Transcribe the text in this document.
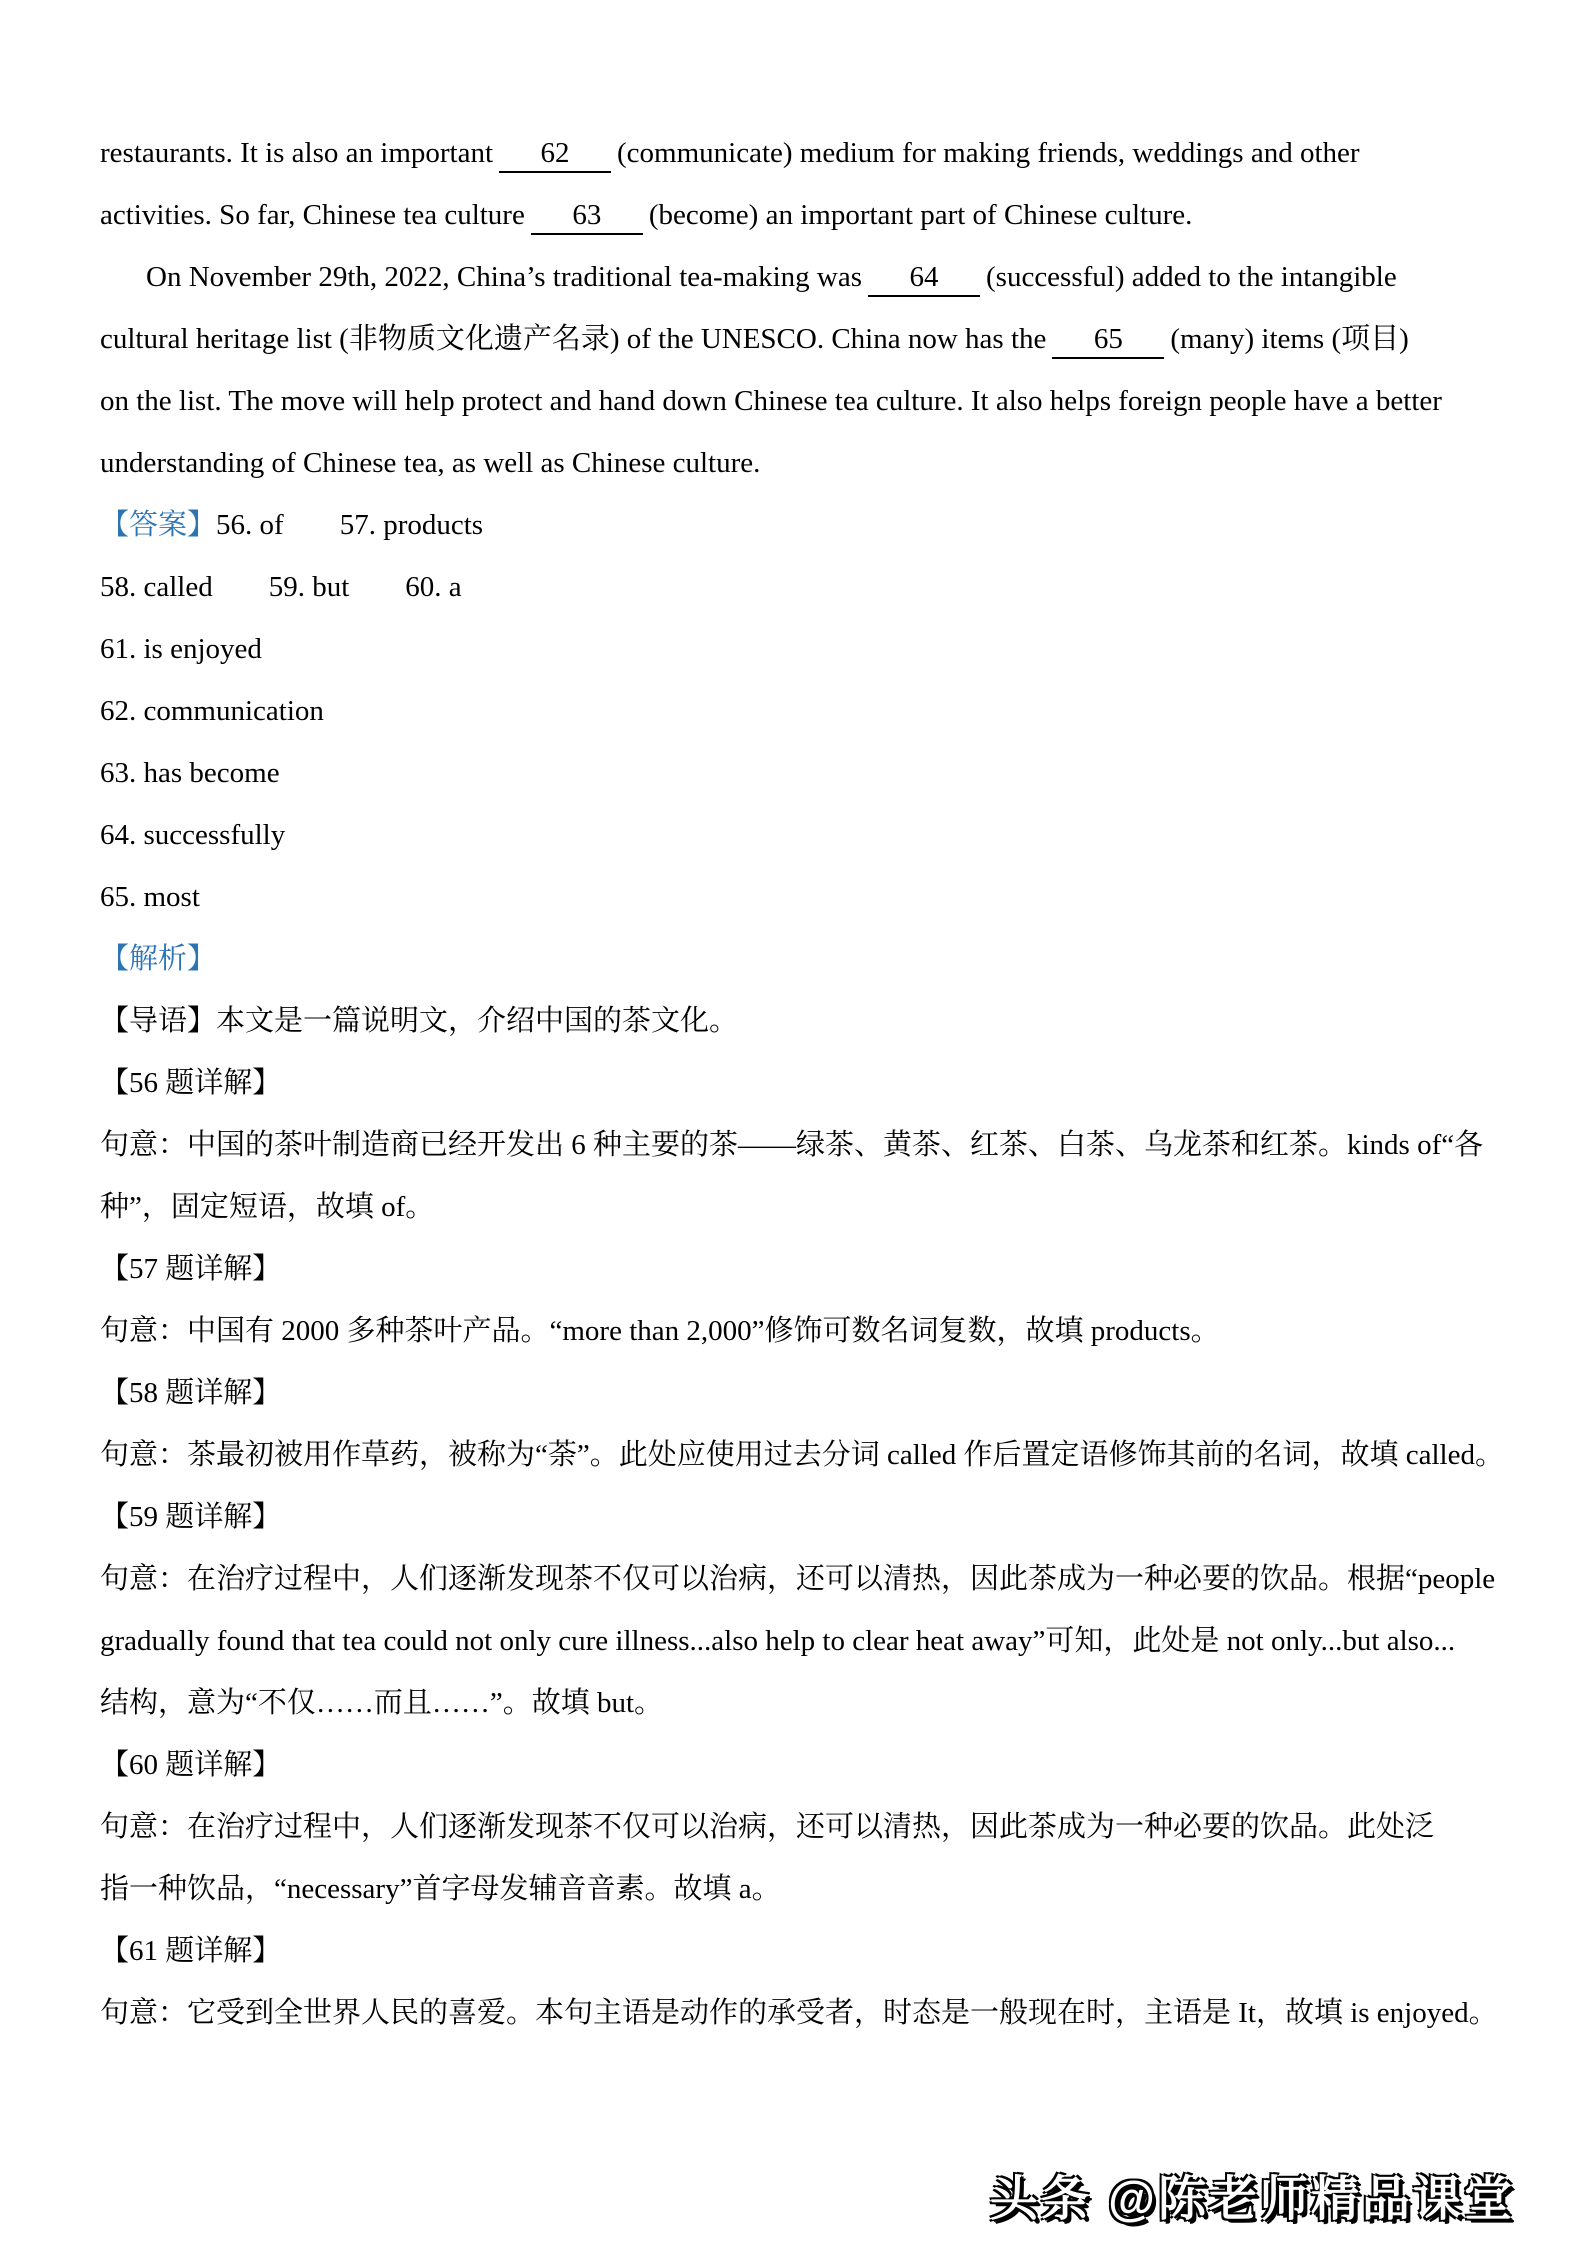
restaurants. It is also an important 62 (communicate) medium for making friends, weddings and other
activities. So far, Chinese tea culture 63 (become) an important part of Chinese culture.
On November 29th, 2022, China’s traditional tea-making was 64 (successful) added to the intangible
cultural heritage list (非物质文化遗产名录) of the UNESCO. China now has the 65 (many) items (项目)
on the list. The move will help protect and hand down Chinese tea culture. It also helps foreign people have a better
understanding of Chinese tea, as well as Chinese culture.
【答案】56. of 57. products
58. called 59. but 60. a
61. is enjoyed
62. communication
63. has become
64. successfully
65. most
【解析】
【导语】本文是一篇说明文，介绍中国的茶文化。
【56 题详解】
句意：中国的茶叶制造商已经开发出 6 种主要的茶——绿茶、黄茶、红茶、白茶、乌龙茶和红茶。kinds of“各
种”，固定短语，故填 of。
【57 题详解】
句意：中国有 2000 多种茶叶产品。“more than 2,000”修饰可数名词复数，故填 products。
【58 题详解】
句意：茶最初被用作草药，被称为“荼”。此处应使用过去分词 called 作后置定语修饰其前的名词，故填 called。
【59 题详解】
句意：在治疗过程中，人们逐渐发现茶不仅可以治病，还可以清热，因此茶成为一种必要的饮品。根据“people
gradually found that tea could not only cure illness...also help to clear heat away”可知，此处是 not only...but also...
结构，意为“不仅……而且……”。故填 but。
【60 题详解】
句意：在治疗过程中，人们逐渐发现茶不仅可以治病，还可以清热，因此茶成为一种必要的饮品。此处泛
指一种饮品，“necessary”首字母发辅音音素。故填 a。
【61 题详解】
句意：它受到全世界人民的喜爱。本句主语是动作的承受者，时态是一般现在时，主语是 It，故填 is enjoyed。
头条 @陈老师精品课堂
